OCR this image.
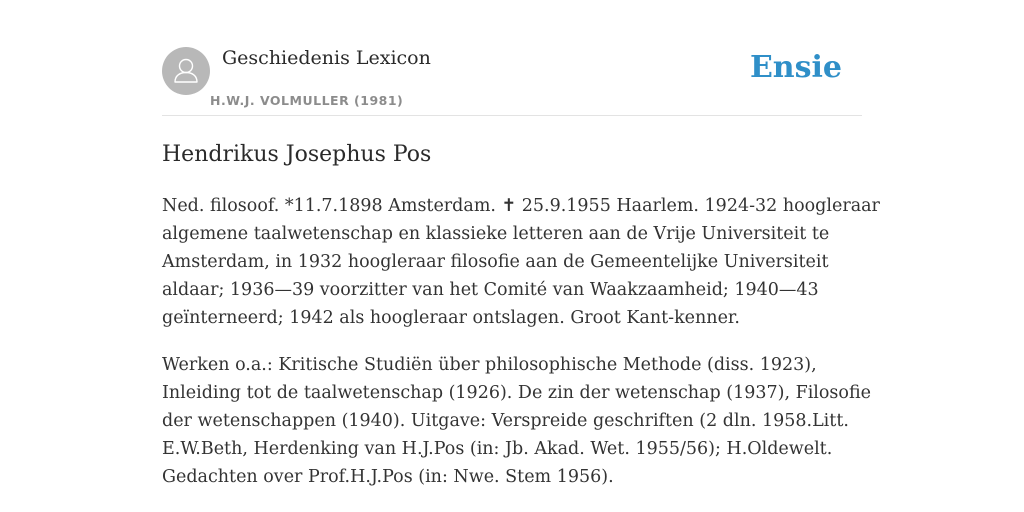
Geschiedenis Lexicon
H.W.J. VOLMULLER (1981)
Ensie
Hendrikus Josephus Pos
Ned. filosoof. *11.7.1898 Amsterdam. ✝ 25.9.1955 Haarlem. 1924-32 hoogleraar
algemene taalwetenschap en klassieke letteren aan de Vrije Universiteit te
Amsterdam, in 1932 hoogleraar filosofie aan de Gemeentelijke Universiteit
aldaar; 1936—39 voorzitter van het Comité van Waakzaamheid; 1940—43
geïnterneerd; 1942 als hoogleraar ontslagen. Groot Kant-kenner.
Werken o.a.: Kritische Studiën über philosophische Methode (diss. 1923),
Inleiding tot de taalwetenschap (1926). De zin der wetenschap (1937), Filosofie
der wetenschappen (1940). Uitgave: Verspreide geschriften (2 dln. 1958.Litt.
E.W.Beth, Herdenking van H.J.Pos (in: Jb. Akad. Wet. 1955/56); H.Oldewelt.
Gedachten over Prof.H.J.Pos (in: Nwe. Stem 1956).
